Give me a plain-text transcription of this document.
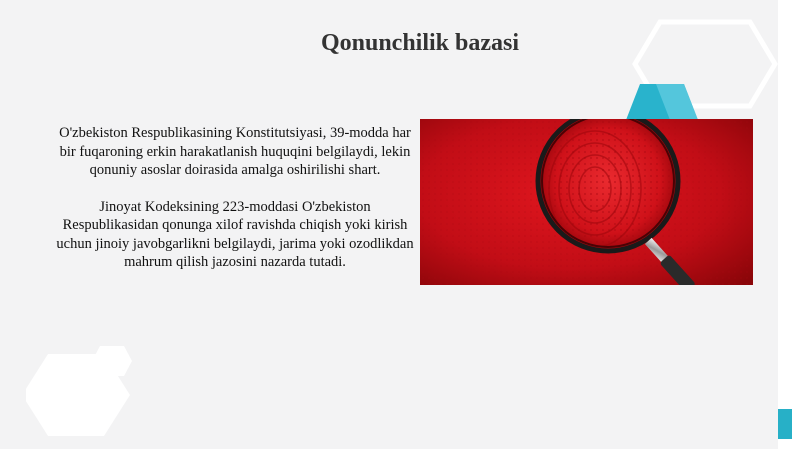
Qonunchilik bazasi

O'zbekiston Respublikasining Konstitutsiyasi, 39-modda har bir fuqaroning erkin harakatlanish huquqini belgilaydi, lekin qonuniy asoslar doirasida amalga oshirilishi shart.

Jinoyat Kodeksining 223-moddasi O'zbekiston Respublikasidan qonunga xilof ravishda chiqish yoki kirish uchun jinoiy javobgarlikni belgilaydi, jarima yoki ozodlikdan mahrum qilish jazosini nazarda tutadi.
